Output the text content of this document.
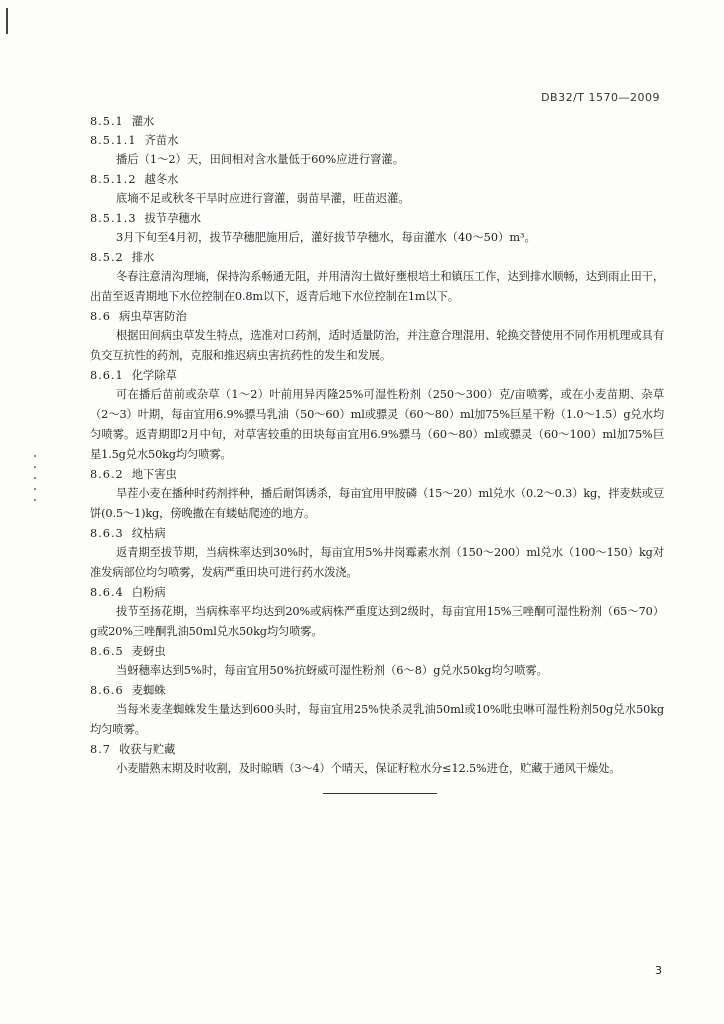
DB32/T 1570—2009
8.5.1 灌水
8.5.1.1 齐苗水

播后（1～2）天，田间相对含水量低于60%应进行窨灌。

8.5.1.2 越冬水

底墒不足或秋冬干旱时应进行窨灌，弱苗早灌，旺苗迟灌。

8.5.1.3 拔节孕穗水

3月下旬至4月初，拔节孕穗肥施用后，灌好拔节孕穗水，每亩灌水（40～50）m³。

8.5.2 排水

冬春注意清沟理墒，保持沟系畅通无阻，并用清沟土做好壅根培土和镇压工作，达到排水顺畅，达到雨止田干，出苗至返青期地下水位控制在0.8m以下，返青后地下水位控制在1m以下。

8.6 病虫草害防治

根据田间病虫草发生特点，选准对口药剂，适时适量防治，并注意合理混用、轮换交替使用不同作用机理或具有负交互抗性的药剂，克服和推迟病虫害抗药性的发生和发展。

8.6.1 化学除草

可在播后苗前或杂草（1～2）叶前用异丙隆25%可湿性粉剂（250～300）克/亩喷雾，或在小麦苗期、杂草（2～3）叶期，每亩宜用6.9%骠马乳油（50～60）ml或骠灵（60～80）ml加75%巨星干粉（1.0～1.5）g兑水均匀喷雾。返青期即2月中旬，对草害较重的田块每亩宜用6.9%骠马（60～80）ml或骠灵（60～100）ml加75%巨星1.5g兑水50kg均匀喷雾。

8.6.2 地下害虫

旱茬小麦在播种时药剂拌种，播后耐饵诱杀，每亩宜用甲胺磷（15～20）ml兑水（0.2～0.3）kg，拌麦麸或豆饼(0.5～1)kg，傍晚撒在有蝼蛄爬迹的地方。

8.6.3 纹枯病

返青期至拔节期，当病株率达到30%时，每亩宜用5%井岗霉素水剂（150～200）ml兑水（100～150）kg对准发病部位均匀喷雾，发病严重田块可进行药水泼浇。

8.6.4 白粉病

拔节至扬花期，当病株率平均达到20%或病株严重度达到2级时，每亩宜用15%三唑酮可湿性粉剂（65～70）g或20%三唑酮乳油50ml兑水50kg均匀喷雾。

8.6.5 麦蚜虫

当蚜穗率达到5%时，每亩宜用50%抗蚜威可湿性粉剂（6～8）g兑水50kg均匀喷雾。

8.6.6 麦蜘蛛

当每米麦垄蜘蛛发生量达到600头时，每亩宜用25%快杀灵乳油50ml或10%吡虫啉可湿性粉剂50g兑水50kg均匀喷雾。

8.7 收获与贮藏

小麦腊熟末期及时收割，及时晾晒（3～4）个晴天，保证籽粒水分≤12.5%进仓，贮藏于通风干燥处。

3
